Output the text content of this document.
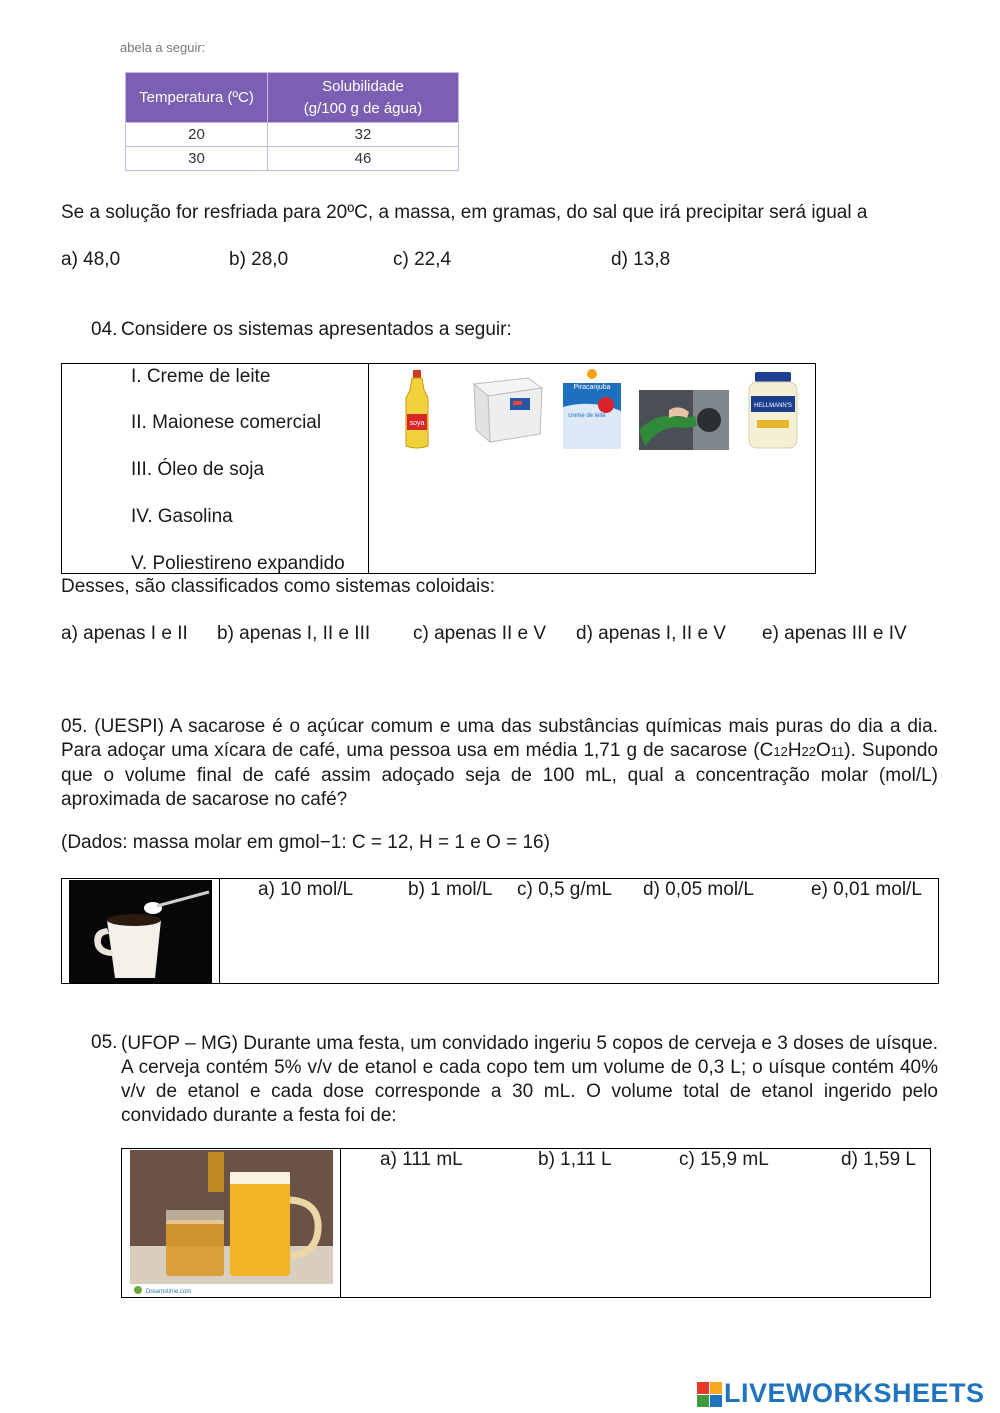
abela a seguir:
Temperatura (ºC)	Solubilidade
(g/100 g de água)
20	32
30	46
Se a solução for resfriada para 20ºC, a massa, em gramas, do sal que irá precipitar será igual a
a) 48,0	b) 28,0	c) 22,4	d) 13,8
04. Considere os sistemas apresentados a seguir:
I. Creme de leite
II. Maionese comercial
III. Óleo de soja
IV. Gasolina
V. Poliestireno expandido
soya
Piracanjuba
creme de leite
HELLMANN'S
Desses, são classificados como sistemas coloidais:
a) apenas I e II b) apenas I, II e III c) apenas II e V d) apenas I, II e V e) apenas III e IV
05. (UESPI) A sacarose é o açúcar comum e uma das substâncias químicas mais puras do dia a dia. Para adoçar uma xícara de café, uma pessoa usa em média 1,71 g de sacarose (C12H22O11). Supondo que o volume final de café assim adoçado seja de 100 mL, qual a concentração molar (mol/L) aproximada de sacarose no café?
(Dados: massa molar em gmol−1: C = 12, H = 1 e O = 16)
a) 10 mol/L	b) 1 mol/L c) 0,5 g/mL d) 0,05 mol/L	e) 0,01 mol/L
05. (UFOP – MG) Durante uma festa, um convidado ingeriu 5 copos de cerveja e 3 doses de uísque. A cerveja contém 5% v/v de etanol e cada copo tem um volume de 0,3 L; o uísque contém 40% v/v de etanol e cada dose corresponde a 30 mL. O volume total de etanol ingerido pelo convidado durante a festa foi de:
Dreamstime.com
a) 111 mL	b) 1,11 L	c) 15,9 mL	d) 1,59 L
LIVEWORKSHEETS
